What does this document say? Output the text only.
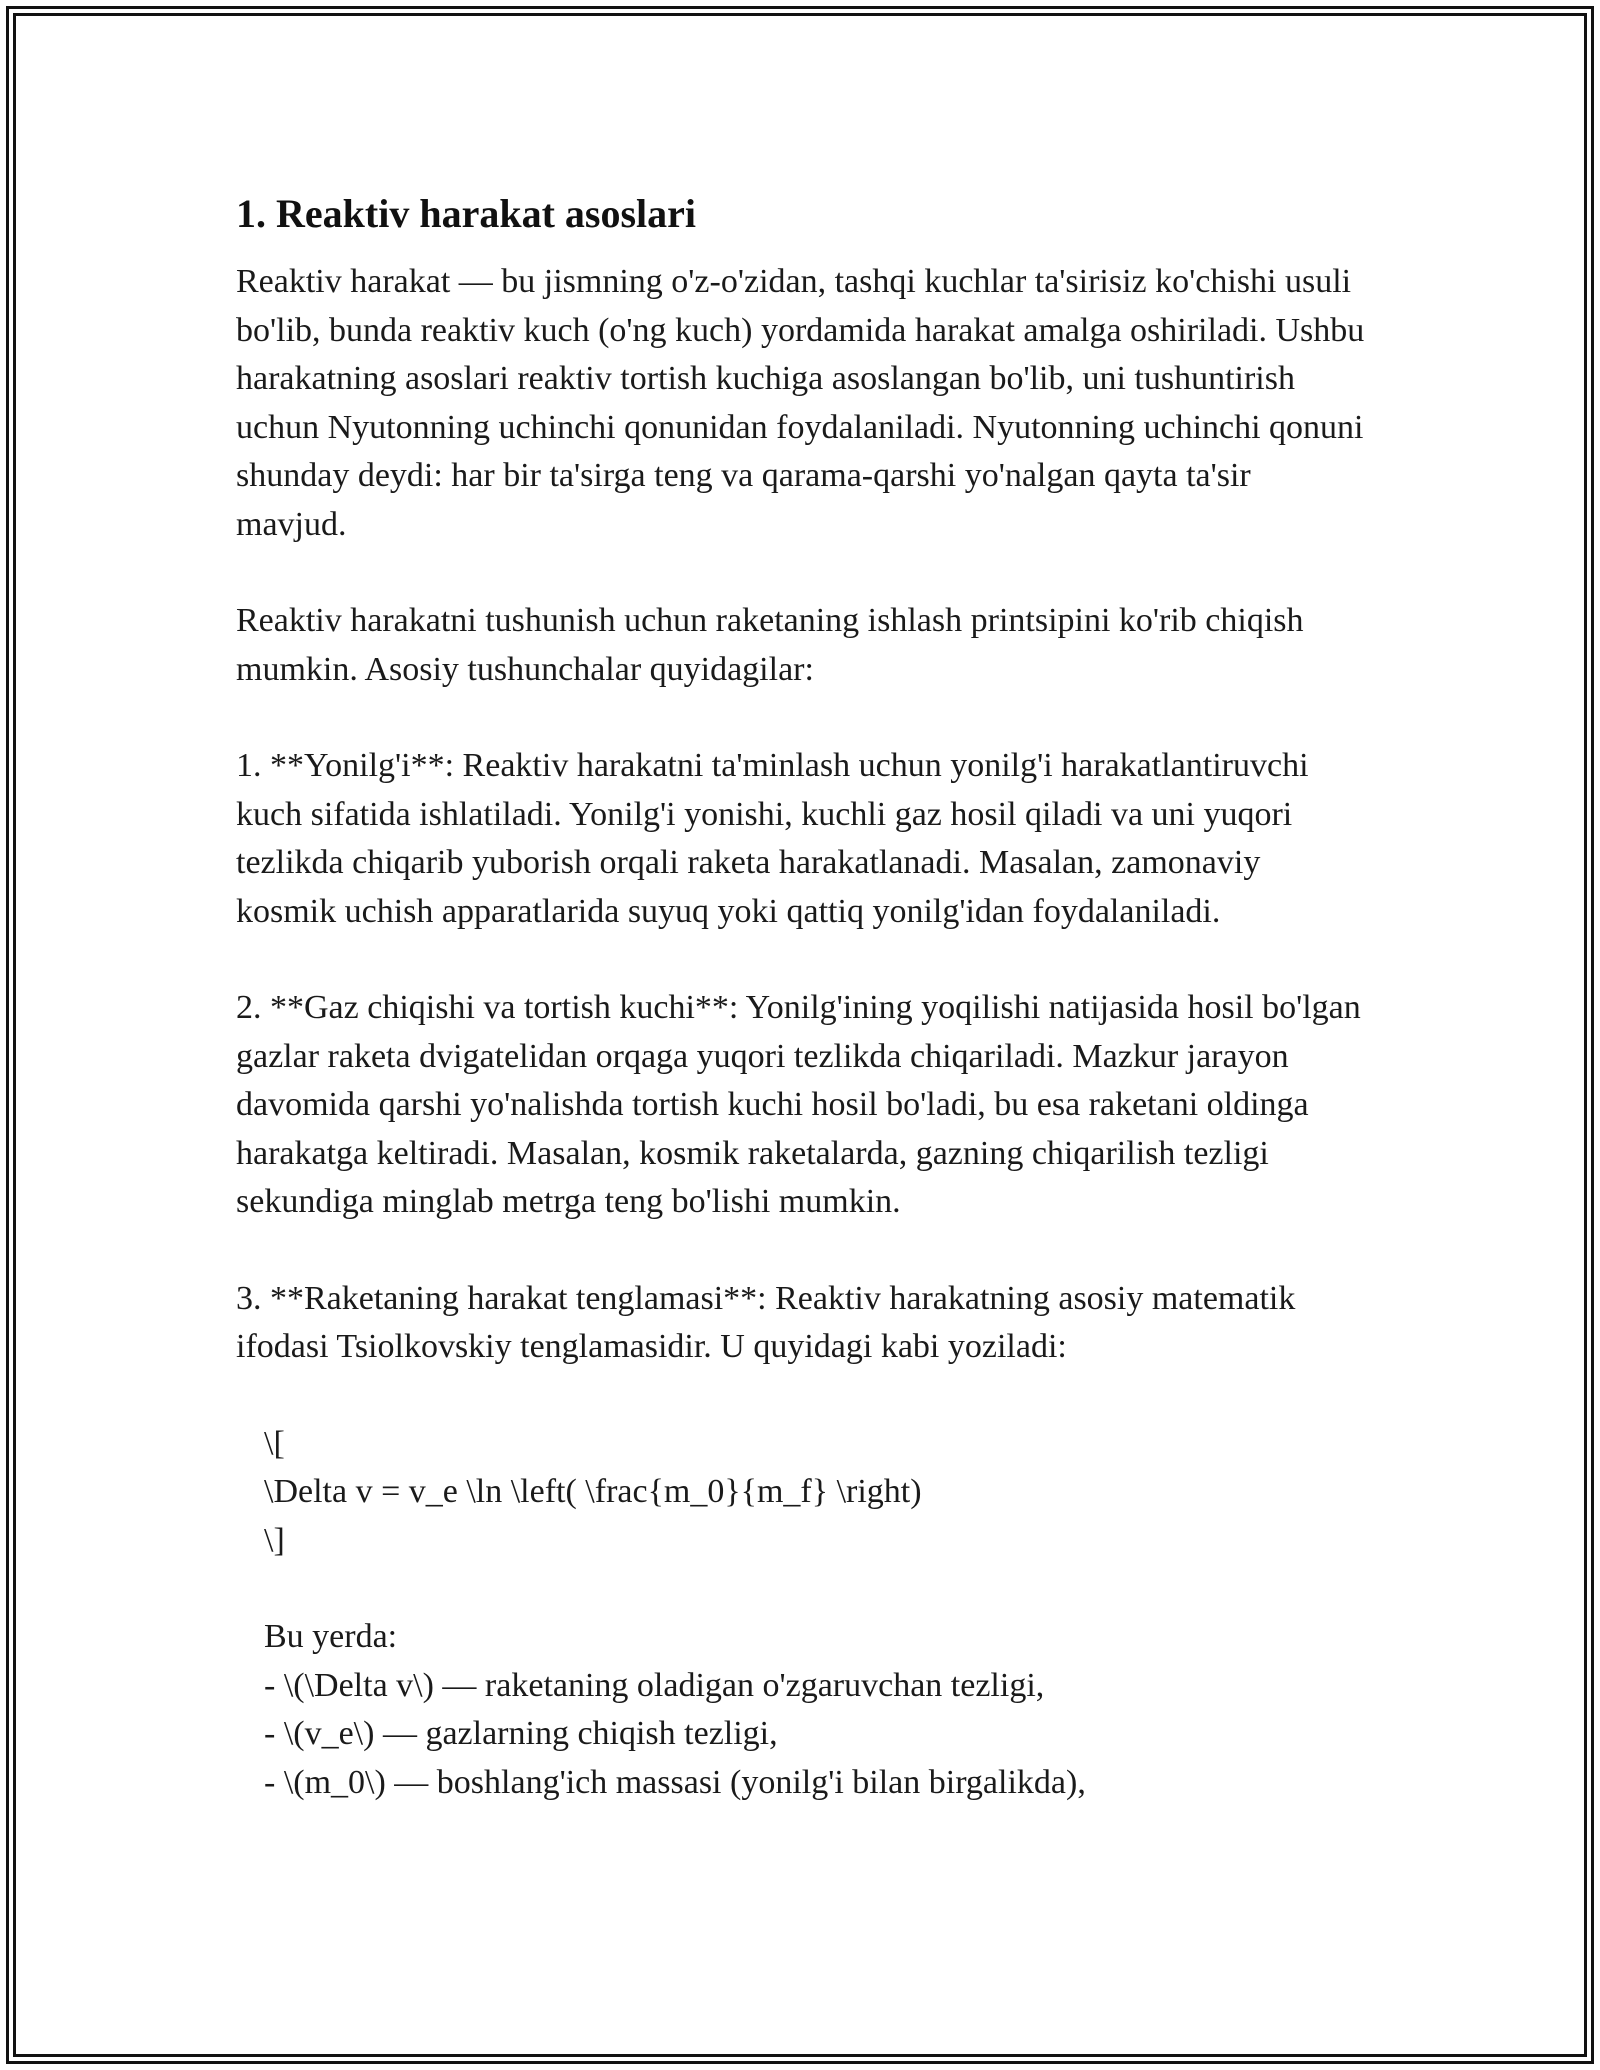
1. Reaktiv harakat asoslari

Reaktiv harakat — bu jismning o'z-o'zidan, tashqi kuchlar ta'sirisiz ko'chishi usuli bo'lib, bunda reaktiv kuch (o'ng kuch) yordamida harakat amalga oshiriladi. Ushbu harakatning asoslari reaktiv tortish kuchiga asoslangan bo'lib, uni tushuntirish uchun Nyutonning uchinchi qonunidan foydalaniladi. Nyutonning uchinchi qonuni shunday deydi: har bir ta'sirga teng va qarama-qarshi yo'nalgan qayta ta'sir mavjud.

Reaktiv harakatni tushunish uchun raketaning ishlash printsipini ko'rib chiqish mumkin. Asosiy tushunchalar quyidagilar:

1. **Yonilg'i**: Reaktiv harakatni ta'minlash uchun yonilg'i harakatlantiruvchi kuch sifatida ishlatiladi. Yonilg'i yonishi, kuchli gaz hosil qiladi va uni yuqori tezlikda chiqarib yuborish orqali raketa harakatlanadi. Masalan, zamonaviy kosmik uchish apparatlarida suyuq yoki qattiq yonilg'idan foydalaniladi.

2. **Gaz chiqishi va tortish kuchi**: Yonilg'ining yoqilishi natijasida hosil bo'lgan gazlar raketa dvigatelidan orqaga yuqori tezlikda chiqariladi. Mazkur jarayon davomida qarshi yo'nalishda tortish kuchi hosil bo'ladi, bu esa raketani oldinga harakatga keltiradi. Masalan, kosmik raketalarda, gazning chiqarilish tezligi sekundiga minglab metrga teng bo'lishi mumkin.

3. **Raketaning harakat tenglamasi**: Reaktiv harakatning asosiy matematik ifodasi Tsiolkovskiy tenglamasidir. U quyidagi kabi yoziladi:

\[
\Delta v = v_e \ln \left( \frac{m_0}{m_f} \right)
\]
Bu yerda:
- \(\Delta v\) — raketaning oladigan o'zgaruvchan tezligi,
- \(v_e\) — gazlarning chiqish tezligi,
- \(m_0\) — boshlang'ich massasi (yonilg'i bilan birgalikda),
